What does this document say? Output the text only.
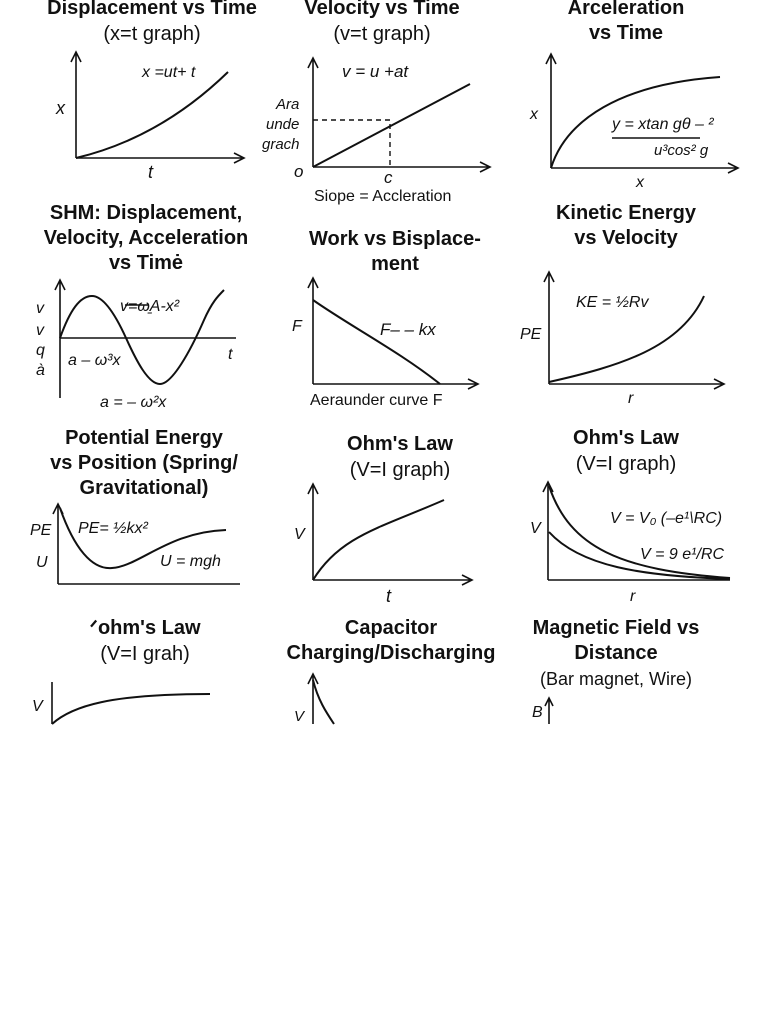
Displacement vs Time
(x=t graph)
x
t
x =ut+ t
Velocity vs Time
(v=t graph)
v = u +at
Ara
unde
grach
o	c
Siope = Accleration
Arceleration
vs Time
x
x
y = xtan gθ – ²
u³cos² g
SHM: Displacement,
Velocity, Acceleration
vs Timė
v
v
q
à
t
v=ω̱A-x²
a – ω³x
a = – ω²x
Work vs Bisplace-
ment
F	F– – kx
Aeraunder curve F
Kinetic Energy
vs Velocity
PE
r
KE = ½Rv
Potential Energy
vs Position (Spring/
Gravitational)
PE
U
PE= ½kx²
U = mgh
Ohm's Law
(V=I graph)
V
t
Ohm's Law
(V=I graph)
V
r
V = V₀ (–e¹\RC)
V = 9 e¹/RC
ᐟohm's Law
(V=I grah)
V
Capacitor
Charging/Discharging
V
Magnetic Field vs
Distance
(Bar magnet, Wire)
B
